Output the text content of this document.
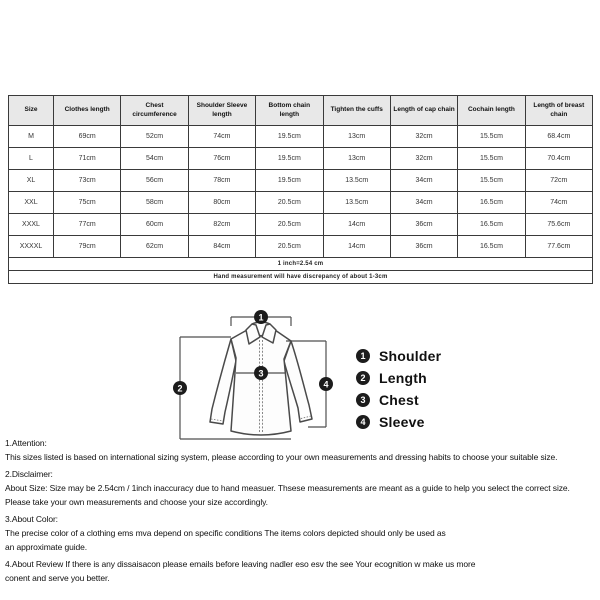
Size	Clothes length	Chest circumference	Shoulder Sleeve length	Bottom chain length	Tighten the cuffs	Length of cap chain	Cochain length	Length of breast chain
M	69cm	52cm	74cm	19.5cm	13cm	32cm	15.5cm	68.4cm
L	71cm	54cm	76cm	19.5cm	13cm	32cm	15.5cm	70.4cm
XL	73cm	56cm	78cm	19.5cm	13.5cm	34cm	15.5cm	72cm
XXL	75cm	58cm	80cm	20.5cm	13.5cm	34cm	16.5cm	74cm
XXXL	77cm	60cm	82cm	20.5cm	14cm	36cm	16.5cm	75.6cm
XXXXL	79cm	62cm	84cm	20.5cm	14cm	36cm	16.5cm	77.6cm
1 inch=2.54 cm								
Hand measurement will have discrepancy of about 1-3cm								
1
2
3
4
1 Shoulder
2 Length
3 Chest
4 Sleeve
1.Attention:
This sizes listed is based on international sizing system, please according to your own measurements and dressing habits to choose your suitable size.
2.Disclaimer:
About Size: Size may be 2.54cm / 1inch inaccuracy due to hand measuer. Thsese measurements are meant as a guide to help you select the correct size.
Please take your own measurements and choose your size accordingly.
3.About Color:
The precise color of a clothing ems mva depend on specific conditions The items colors depicted should only be used as
an approximate guide.
4.About Review If there is any dissaisacon please emails before leaving nadler eso esv the see Your ecognition w make us more
conent and serve you better.
